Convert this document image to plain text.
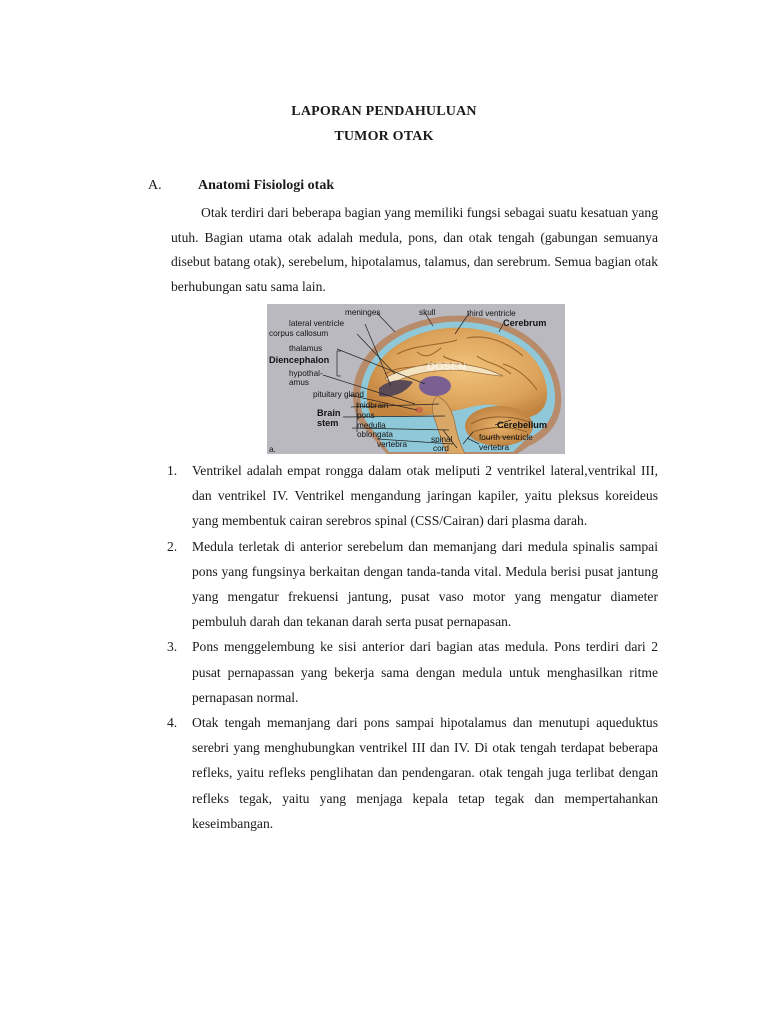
LAPORAN PENDAHULUAN
TUMOR OTAK
A.	Anatomi Fisiologi otak
Otak terdiri dari beberapa bagian yang memiliki fungsi sebagai suatu kesatuan yang utuh. Bagian utama otak adalah medula, pons, dan otak tengah (gabungan semuanya disebut batang otak), serebelum, hipotalamus, talamus, dan serebrum. Semua bagian otak berhubungan satu sama lain.
DOSEN
meninges	skull	third ventricle
lateral ventricle	Cerebrum
corpus callosum
thalamus
Diencephalon
hypothal-
amus
pituitary gland
midbrain
Brain
stem
pons
medulla
oblongata
vertebra
spinal
cord
Cerebellum
fourth ventricle
vertebra
a.
1. Ventrikel adalah empat rongga dalam otak meliputi 2 ventrikel lateral,ventrikal III, dan ventrikel IV. Ventrikel mengandung jaringan kapiler, yaitu pleksus koreideus yang membentuk cairan serebros spinal (CSS/Cairan) dari plasma darah.
2. Medula terletak di anterior serebelum dan memanjang dari medula spinalis sampai pons yang fungsinya berkaitan dengan tanda-tanda vital. Medula berisi pusat jantung yang mengatur frekuensi jantung, pusat vaso motor yang mengatur diameter pembuluh darah dan tekanan darah serta pusat pernapasan.
3. Pons menggelembung ke sisi anterior dari bagian atas medula. Pons terdiri dari 2 pusat pernapassan yang bekerja sama dengan medula untuk menghasilkan ritme pernapasan normal.
4. Otak tengah memanjang dari pons sampai hipotalamus dan menutupi aqueduktus serebri yang menghubungkan ventrikel III dan IV. Di otak tengah terdapat beberapa refleks, yaitu refleks penglihatan dan pendengaran. otak tengah juga terlibat dengan refleks tegak, yaitu yang menjaga kepala tetap tegak dan mempertahankan keseimbangan.
